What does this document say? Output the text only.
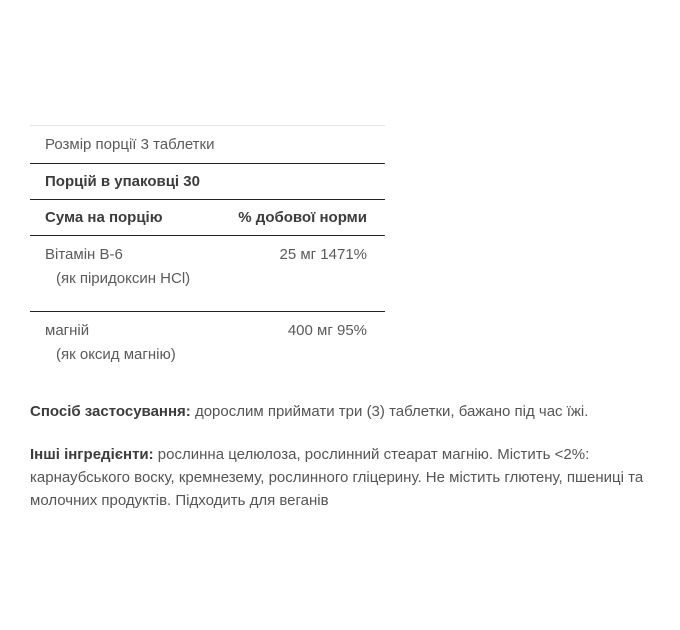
Розмір порції 3 таблетки
Порцій в упаковці 30
Сума на порцію	% добової норми
Вітамін В-6	25 мг 1471%
(як піридоксин HCl)
магній	400 мг 95%
(як оксид магнію)
Спосіб застосування: дорослим приймати три (3) таблетки, бажано під час їжі.
Інші інгредієнти: рослинна целюлоза, рослинний стеарат магнію. Містить <2%: карнаубського воску, кремнезему, рослинного гліцерину. Не містить глютену, пшениці та молочних продуктів. Підходить для веганів
